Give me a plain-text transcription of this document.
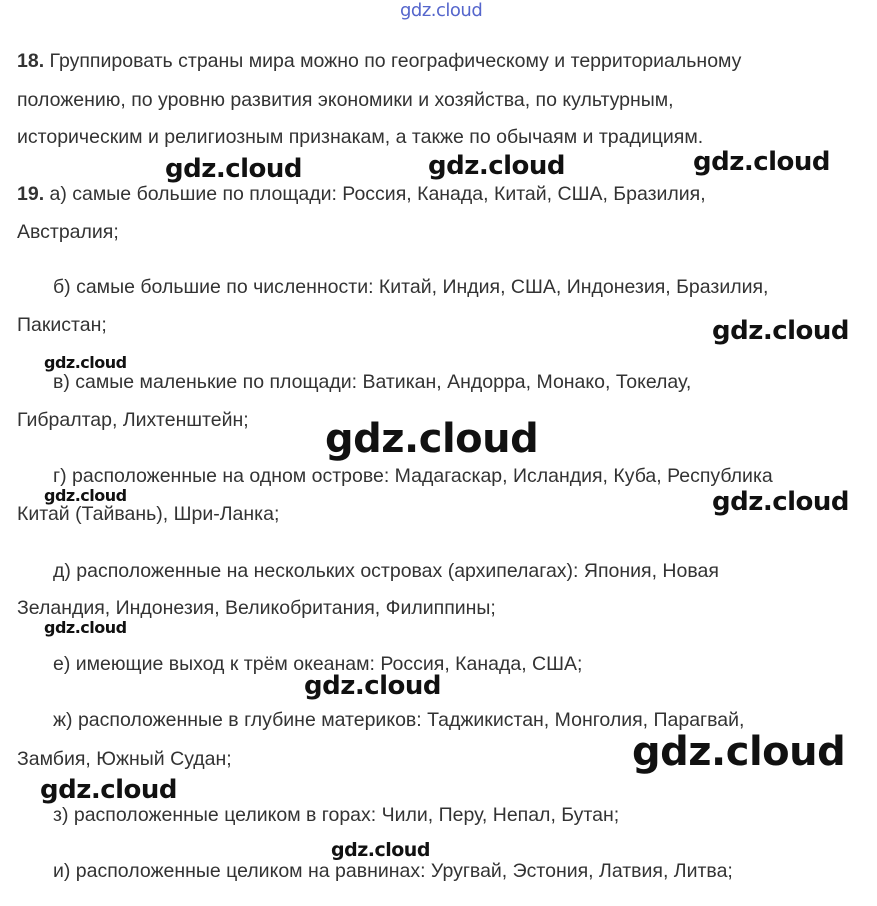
gdz.cloud
18. Группировать страны мира можно по географическому и территориальному
положению, по уровню развития экономики и хозяйства, по культурным,
историческим и религиозным признакам, а также по обычаям и традициям.
gdz.cloud	gdz.cloud	gdz.cloud
19. а) самые большие по площади: Россия, Канада, Китай, США, Бразилия,
Австралия;
б) самые большие по численности: Китай, Индия, США, Индонезия, Бразилия,
Пакистан;	gdz.cloud
gdz.cloud
в) самые маленькие по площади: Ватикан, Андорра, Монако, Токелау,
Гибралтар, Лихтенштейн; gdz.cloud
г) расположенные на одном острове: Мадагаскар, Исландия, Куба, Республика
gdz.cloud	gdz.cloud
Китай (Тайвань), Шри-Ланка;
д) расположенные на нескольких островах (архипелагах): Япония, Новая
Зеландия, Индонезия, Великобритания, Филиппины;
gdz.cloud
е) имеющие выход к трём океанам: Россия, Канада, США;
gdz.cloud
ж) расположенные в глубине материков: Таджикистан, Монголия, Парагвай,
gdz.cloud
Замбия, Южный Судан;
gdz.cloud
з) расположенные целиком в горах: Чили, Перу, Непал, Бутан;
gdz.cloud
и) расположенные целиком на равнинах: Уругвай, Эстония, Латвия, Литва;
